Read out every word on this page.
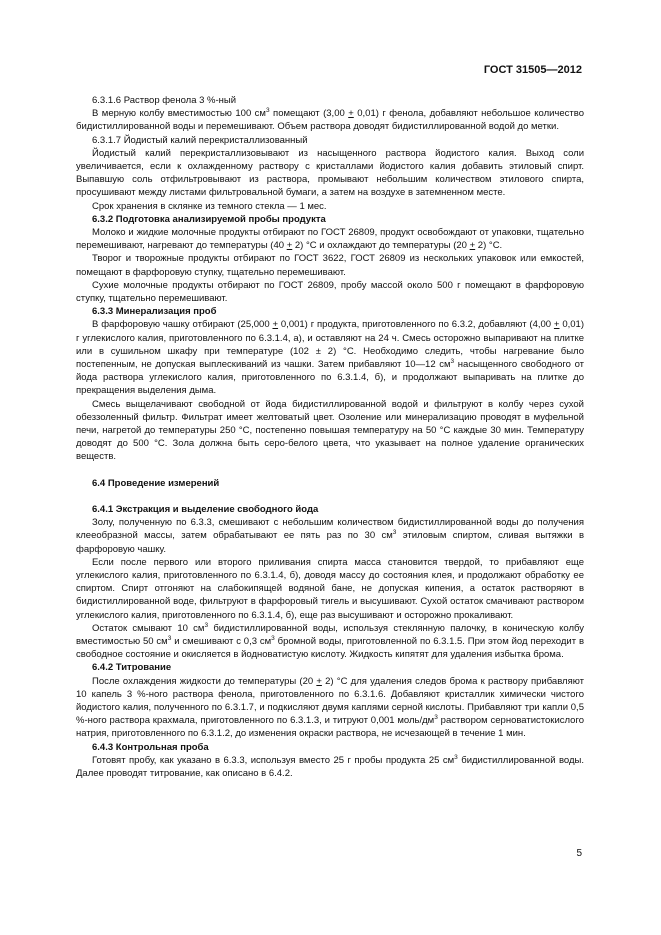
ГОСТ 31505—2012

6.3.1.6 Раствор фенола 3 %-ный

В мерную колбу вместимостью 100 $см^3$ помещают (3,00 + 0,01) г фенола, добавляют небольшое количество бидистиллированной воды и перемешивают. Объем раствора доводят бидистиллированной водой до метки.

6.3.1.7 Йодистый калий перекристаллизованный

Йодистый калий перекристаллизовывают из насыщенного раствора йодистого калия. Выход соли увеличивается, если к охлажденному раствору с кристаллами йодистого калия добавить этиловый спирт. Выпавшую соль отфильтровывают из раствора, промывают небольшим количеством этилового спирта, просушивают между листами фильтровальной бумаги, а затем на воздухе в затемненном месте.

Срок хранения в склянке из темного стекла — 1 мес.

6.3.2 Подготовка анализируемой пробы продукта

Молоко и жидкие молочные продукты отбирают по ГОСТ 26809, продукт освобождают от упаковки, тщательно перемешивают, нагревают до температуры (40 + 2) °С и охлаждают до температуры (20 + 2) °С.

Творог и творожные продукты отбирают по ГОСТ 3622, ГОСТ 26809 из нескольких упаковок или емкостей, помещают в фарфоровую ступку, тщательно перемешивают.

Сухие молочные продукты отбирают по ГОСТ 26809, пробу массой около 500 г помещают в фарфоровую ступку, тщательно перемешивают.

6.3.3 Минерализация проб

В фарфоровую чашку отбирают (25,000 + 0,001) г продукта, приготовленного по 6.3.2, добавляют (4,00 + 0,01) г углекислого калия, приготовленного по 6.3.1.4, а), и оставляют на 24 ч. Смесь осторожно выпаривают на плитке или в сушильном шкафу при температуре (102 ± 2) °С. Необходимо следить, чтобы нагревание было постепенным, не допуская выплескиваний из чашки. Затем прибавляют 10—12 $см^3$ насыщенного свободного от йода раствора углекислого калия, приготовленного по 6.3.1.4, б), и продолжают выпаривать на плитке до прекращения выделения дыма.

Смесь выщелачивают свободной от йода бидистиллированной водой и фильтруют в колбу через сухой обеззоленный фильтр. Фильтрат имеет желтоватый цвет. Озоление или минерализацию проводят в муфельной печи, нагретой до температуры 250 °С, постепенно повышая температуру на 50 °С каждые 30 мин. Температуру доводят до 500 °С. Зола должна быть серо-белого цвета, что указывает на полное удаление органических веществ.

6.4 Проведение измерений

6.4.1 Экстракция и выделение свободного йода

Золу, полученную по 6.3.3, смешивают с небольшим количеством бидистиллированной воды до получения клееобразной массы, затем обрабатывают ее пять раз по 30 $см^3$ этиловым спиртом, сливая вытяжки в фарфоровую чашку.

Если после первого или второго приливания спирта масса становится твердой, то прибавляют еще углекислого калия, приготовленного по 6.3.1.4, б), доводя массу до состояния клея, и продолжают обработку ее спиртом. Спирт отгоняют на слабокипящей водяной бане, не допуская кипения, а остаток растворяют в бидистиллированной воде, фильтруют в фарфоровый тигель и высушивают. Сухой остаток смачивают раствором углекислого калия, приготовленного по 6.3.1.4, б), еще раз высушивают и осторожно прокаливают.

Остаток смывают 10 $см^3$ бидистиллированной воды, используя стеклянную палочку, в коническую колбу вместимостью 50 $см^3$ и смешивают с 0,3 $см^3$ бромной воды, приготовленной по 6.3.1.5. При этом йод переходит в свободное состояние и окисляется в йодноватистую кислоту. Жидкость кипятят для удаления избытка брома.

6.4.2 Титрование

После охлаждения жидкости до температуры (20 + 2) °С для удаления следов брома к раствору прибавляют 10 капель 3 %-ного раствора фенола, приготовленного по 6.3.1.6. Добавляют кристаллик химически чистого йодистого калия, полученного по 6.3.1.7, и подкисляют двумя каплями серной кислоты. Прибавляют три капли 0,5 %-ного раствора крахмала, приготовленного по 6.3.1.3, и титруют 0,001 моль/$дм^3$ раствором серноватистокислого натрия, приготовленного по 6.3.1.2, до изменения окраски раствора, не исчезающей в течение 1 мин.

6.4.3 Контрольная проба

Готовят пробу, как указано в 6.3.3, используя вместо 25 г пробы продукта 25 $см^3$ бидистиллированной воды. Далее проводят титрование, как описано в 6.4.2.

5
